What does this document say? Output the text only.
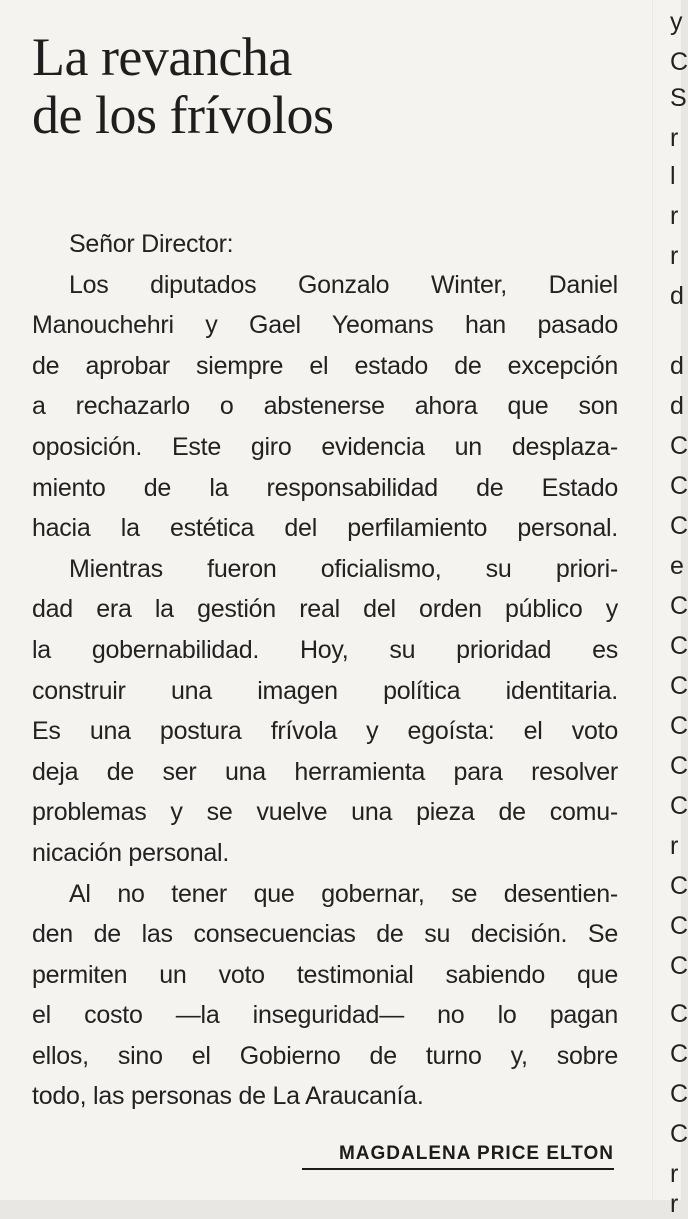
La revancha
de los frívolos
Señor Director:
Los diputados Gonzalo Winter, Daniel
Manouchehri y Gael Yeomans han pasado
de aprobar siempre el estado de excepción
a rechazarlo o abstenerse ahora que son
oposición. Este giro evidencia un desplaza-
miento de la responsabilidad de Estado
hacia la estética del perfilamiento personal.
Mientras fueron oficialismo, su priori-
dad era la gestión real del orden público y
la gobernabilidad. Hoy, su prioridad es
construir una imagen política identitaria.
Es una postura frívola y egoísta: el voto
deja de ser una herramienta para resolver
problemas y se vuelve una pieza de comu-
nicación personal.
Al no tener que gobernar, se desentien-
den de las consecuencias de su decisión. Se
permiten un voto testimonial sabiendo que
el costo —la inseguridad— no lo pagan
ellos, sino el Gobierno de turno y, sobre
todo, las personas de La Araucanía.
MAGDALENA PRICE ELTON
y
C
S
r
l
r
r
d
d
d
C
C
C
e
C
C
C
C
C
C
r
C
C
C
C
C
C
C
r
r
